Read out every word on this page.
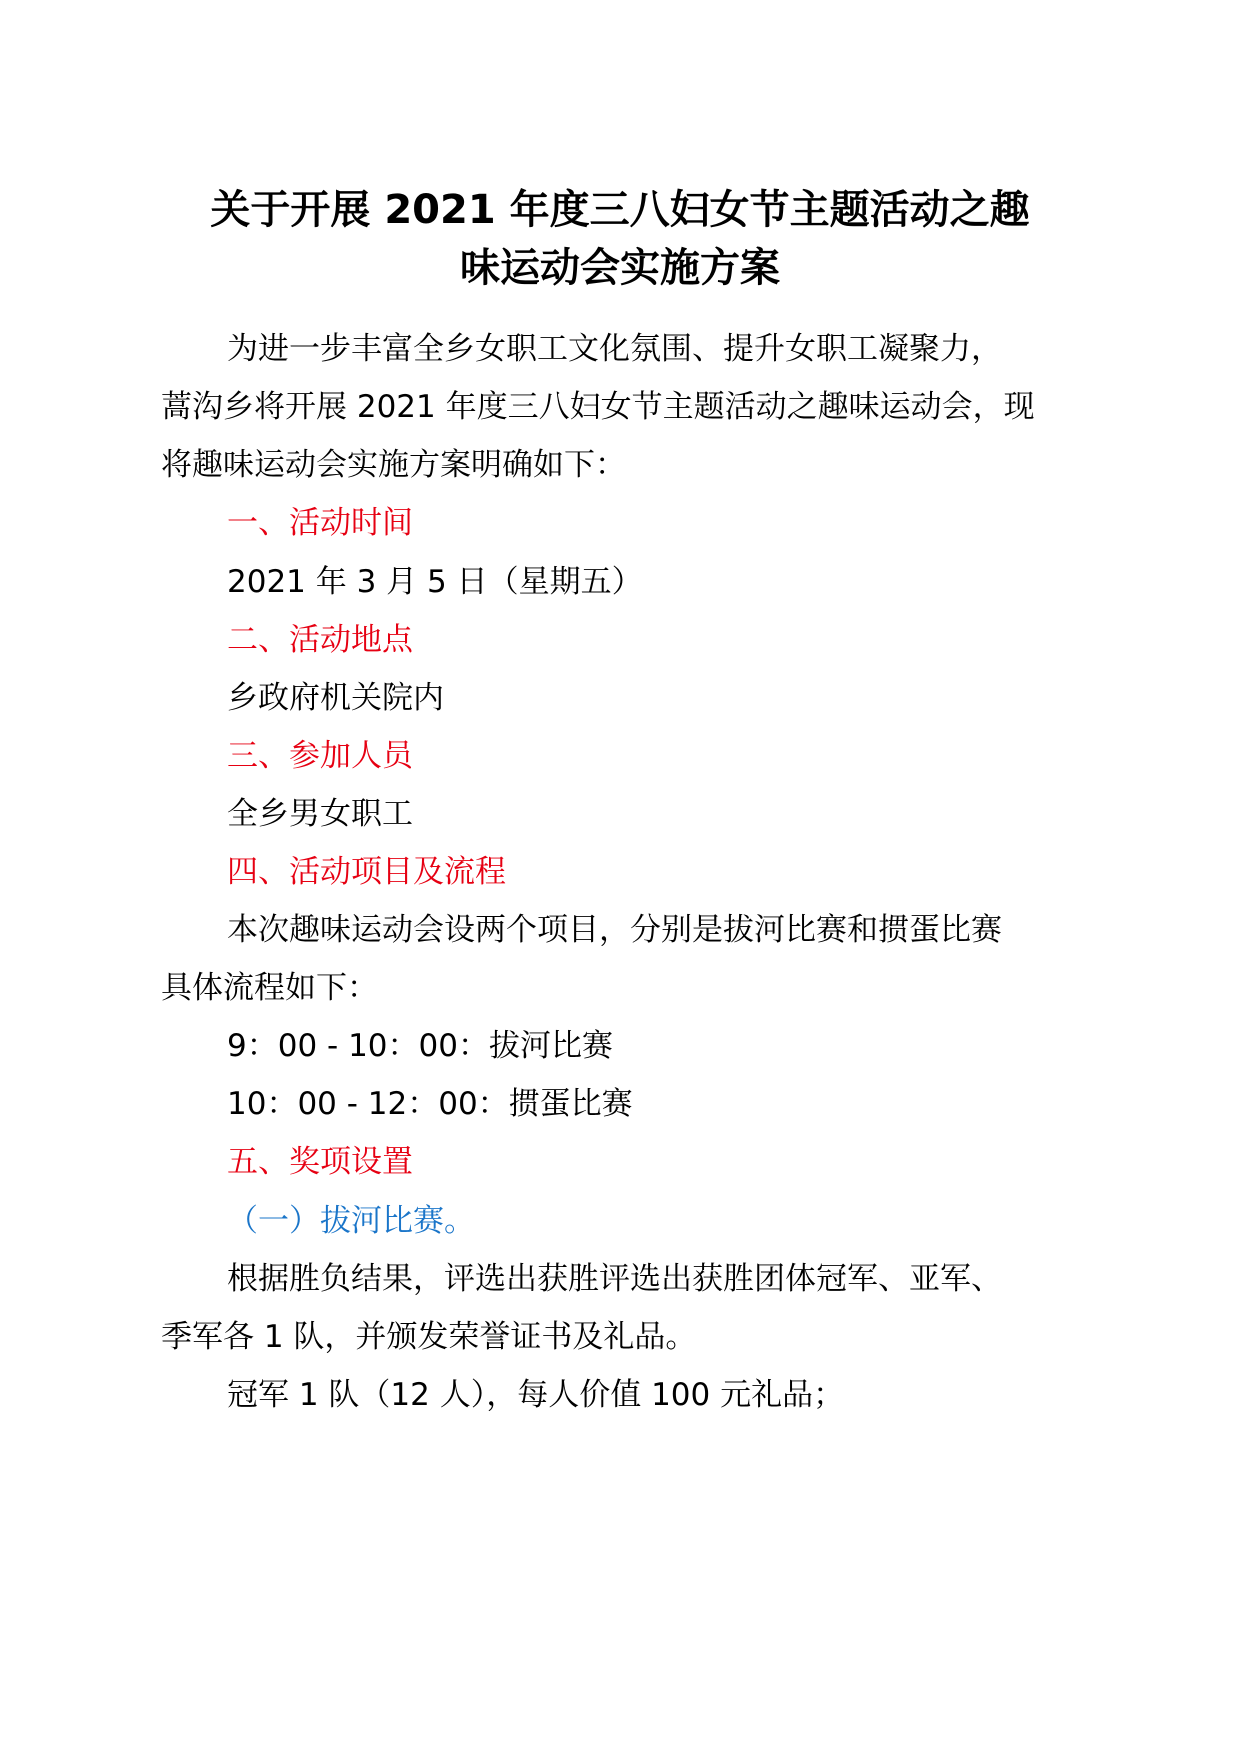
关于开展 2021 年度三八妇女节主题活动之趣
味运动会实施方案

为进一步丰富全乡女职工文化氛围、提升女职工凝聚力，

蒿沟乡将开展 2021 年度三八妇女节主题活动之趣味运动会，现

将趣味运动会实施方案明确如下：

一、活动时间

2021 年 3 月 5 日（星期五）

二、活动地点

乡政府机关院内

三、参加人员

全乡男女职工

四、活动项目及流程

本次趣味运动会设两个项目，分别是拔河比赛和掼蛋比赛

具体流程如下：

9：00 - 10：00：拔河比赛

10：00 - 12：00：掼蛋比赛

五、奖项设置

（一）拔河比赛。

根据胜负结果，评选出获胜评选出获胜团体冠军、亚军、

季军各 1 队，并颁发荣誉证书及礼品。

冠军 1 队（12 人），每人价值 100 元礼品；
